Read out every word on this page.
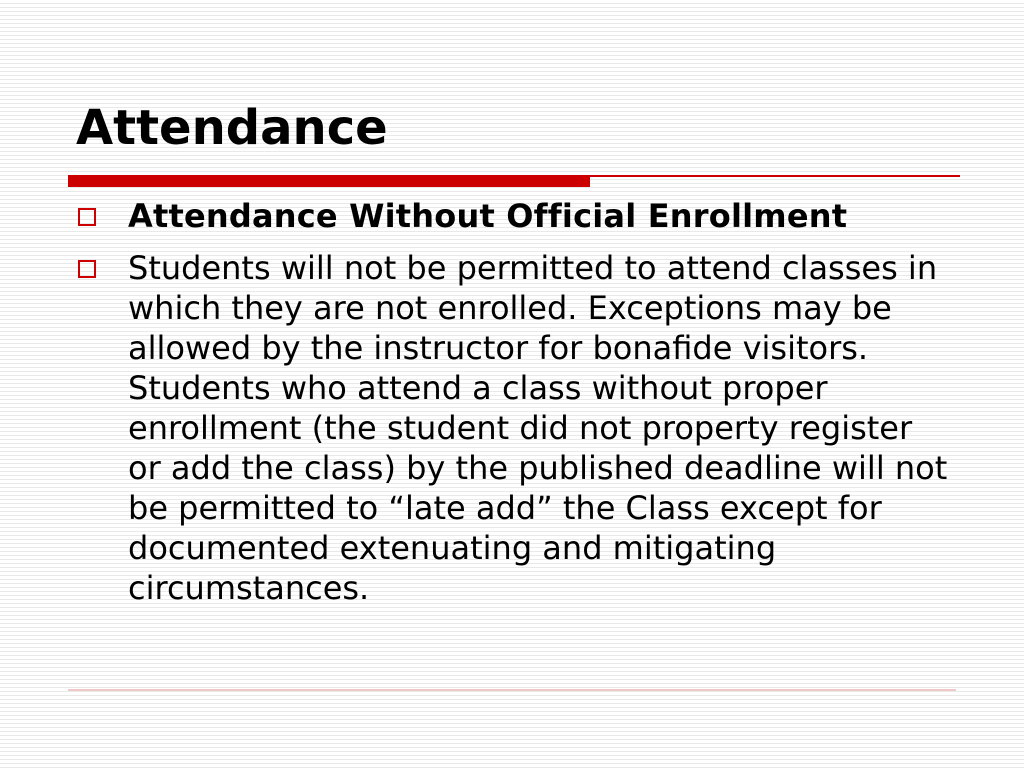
Attendance
Attendance Without Official Enrollment
Students will not be permitted to attend classes in which they are not enrolled. Exceptions may be allowed by the instructor for bonafide visitors. Students who attend a class without proper enrollment (the student did not property register or add the class) by the published deadline will not be permitted to “late add” the Class except for documented extenuating and mitigating circumstances.
